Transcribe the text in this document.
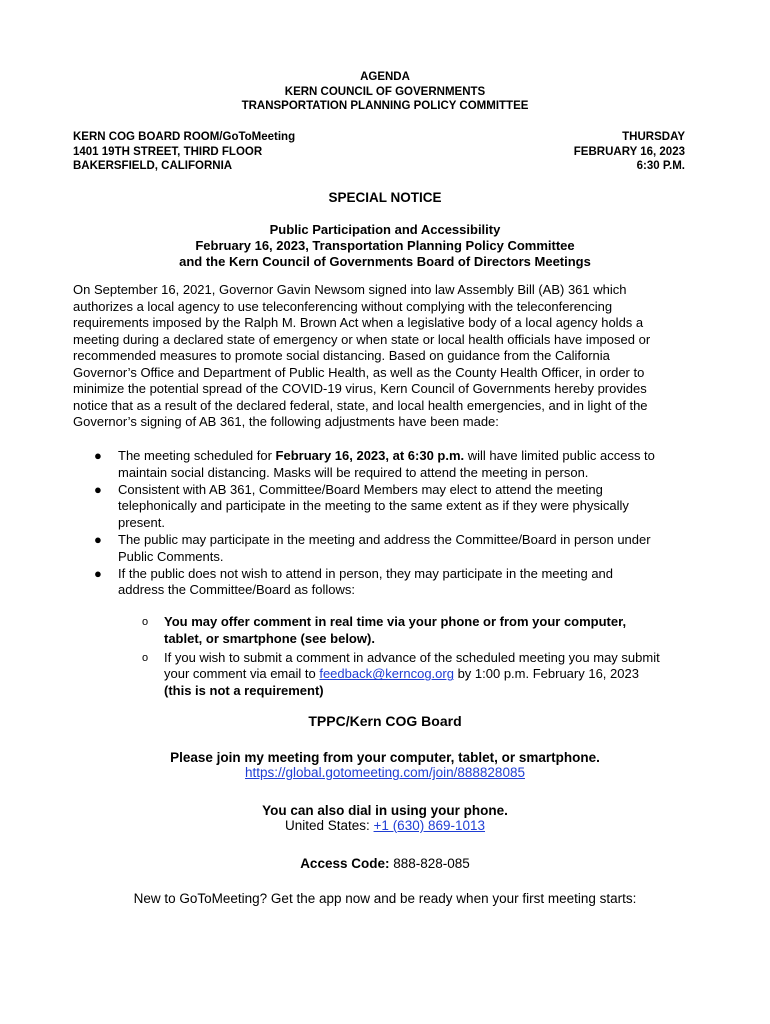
AGENDA
KERN COUNCIL OF GOVERNMENTS
TRANSPORTATION PLANNING POLICY COMMITTEE
KERN COG BOARD ROOM/GoToMeeting
1401 19TH STREET, THIRD FLOOR
BAKERSFIELD, CALIFORNIA
THURSDAY
FEBRUARY 16, 2023
6:30 P.M.
SPECIAL NOTICE
Public Participation and Accessibility
February 16, 2023, Transportation Planning Policy Committee
and the Kern Council of Governments Board of Directors Meetings

On September 16, 2021, Governor Gavin Newsom signed into law Assembly Bill (AB) 361 which

authorizes a local agency to use teleconferencing without complying with the teleconferencing

requirements imposed by the Ralph M. Brown Act when a legislative body of a local agency holds a

meeting during a declared state of emergency or when state or local health officials have imposed or

recommended measures to promote social distancing. Based on guidance from the California

Governor’s Office and Department of Public Health, as well as the County Health Officer, in order to

minimize the potential spread of the COVID-19 virus, Kern Council of Governments hereby provides

notice that as a result of the declared federal, state, and local health emergencies, and in light of the

Governor’s signing of AB 361, the following adjustments have been made:

● The meeting scheduled for February 16, 2023, at 6:30 p.m. will have limited public access to

maintain social distancing. Masks will be required to attend the meeting in person.

● Consistent with AB 361, Committee/Board Members may elect to attend the meeting

telephonically and participate in the meeting to the same extent as if they were physically

present.

● The public may participate in the meeting and address the Committee/Board in person under

Public Comments.

● If the public does not wish to attend in person, they may participate in the meeting and

address the Committee/Board as follows:

o You may offer comment in real time via your phone or from your computer,

tablet, or smartphone (see below).

o If you wish to submit a comment in advance of the scheduled meeting you may submit

your comment via email to feedback@kerncog.org by 1:00 p.m. February 16, 2023

(this is not a requirement)

TPPC/Kern COG Board

Please join my meeting from your computer, tablet, or smartphone.

https://global.gotomeeting.com/join/888828085

You can also dial in using your phone.

United States: +1 (630) 869-1013

Access Code: 888-828-085

New to GoToMeeting? Get the app now and be ready when your first meeting starts:
